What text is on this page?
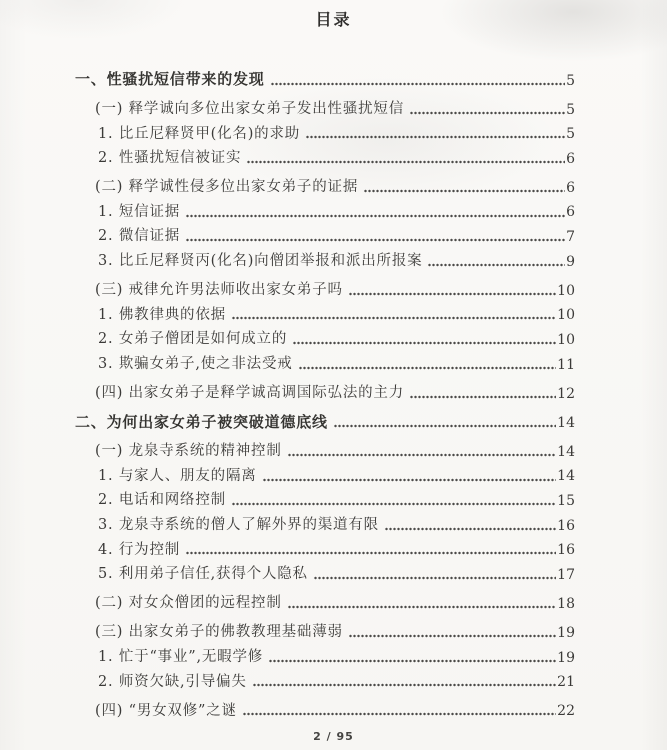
目录
一、性骚扰短信带来的发现	5
(一) 释学诚向多位出家女弟子发出性骚扰短信	5
1. 比丘尼释贤甲(化名)的求助	5
2. 性骚扰短信被证实	6
(二) 释学诚性侵多位出家女弟子的证据	6
1. 短信证据	6
2. 微信证据	7
3. 比丘尼释贤丙(化名)向僧团举报和派出所报案	9
(三) 戒律允许男法师收出家女弟子吗	10
1. 佛教律典的依据	10
2. 女弟子僧团是如何成立的	10
3. 欺骗女弟子,使之非法受戒	11
(四) 出家女弟子是释学诚高调国际弘法的主力	12
二、为何出家女弟子被突破道德底线	14
(一) 龙泉寺系统的精神控制	14
1. 与家人、朋友的隔离	14
2. 电话和网络控制	15
3. 龙泉寺系统的僧人了解外界的渠道有限	16
4. 行为控制	16
5. 利用弟子信任,获得个人隐私	17
(二) 对女众僧团的远程控制	18
(三) 出家女弟子的佛教教理基础薄弱	19
1. 忙于“事业”,无暇学修	19
2. 师资欠缺,引导偏失	21
(四) “男女双修”之谜	22
2 / 95
